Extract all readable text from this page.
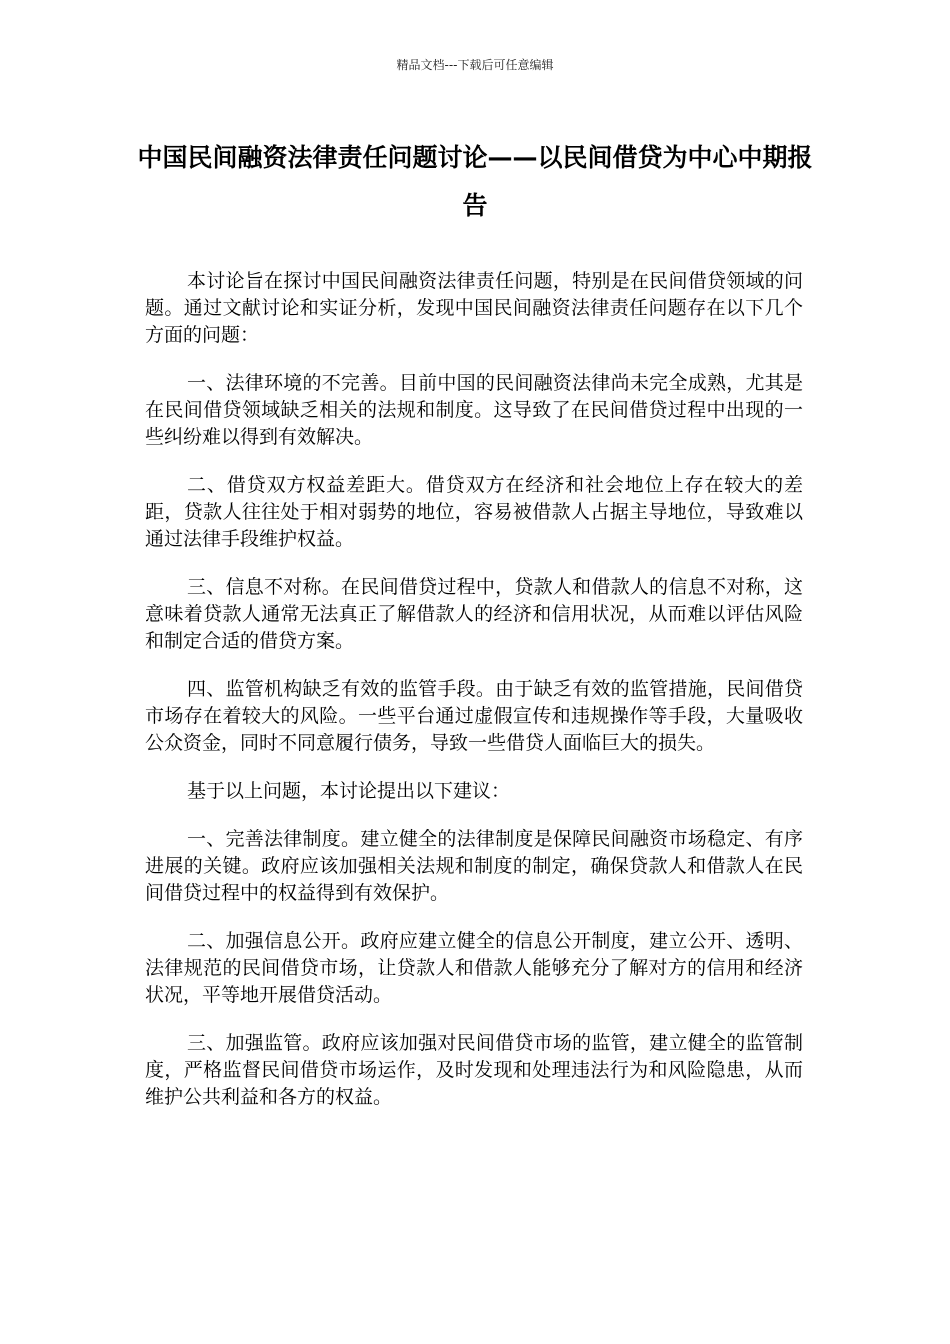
精品文档---下载后可任意编辑
中国民间融资法律责任问题讨论——以民间借贷为中心中期报告

本讨论旨在探讨中国民间融资法律责任问题，特别是在民间借贷领域的问题。通过文献讨论和实证分析，发现中国民间融资法律责任问题存在以下几个方面的问题：

一、法律环境的不完善。目前中国的民间融资法律尚未完全成熟，尤其是在民间借贷领域缺乏相关的法规和制度。这导致了在民间借贷过程中出现的一些纠纷难以得到有效解决。

二、借贷双方权益差距大。借贷双方在经济和社会地位上存在较大的差距，贷款人往往处于相对弱势的地位，容易被借款人占据主导地位，导致难以通过法律手段维护权益。

三、信息不对称。在民间借贷过程中，贷款人和借款人的信息不对称，这意味着贷款人通常无法真正了解借款人的经济和信用状况，从而难以评估风险和制定合适的借贷方案。

四、监管机构缺乏有效的监管手段。由于缺乏有效的监管措施，民间借贷市场存在着较大的风险。一些平台通过虚假宣传和违规操作等手段，大量吸收公众资金，同时不同意履行债务，导致一些借贷人面临巨大的损失。

基于以上问题，本讨论提出以下建议：

一、完善法律制度。建立健全的法律制度是保障民间融资市场稳定、有序进展的关键。政府应该加强相关法规和制度的制定，确保贷款人和借款人在民间借贷过程中的权益得到有效保护。

二、加强信息公开。政府应建立健全的信息公开制度，建立公开、透明、法律规范的民间借贷市场，让贷款人和借款人能够充分了解对方的信用和经济状况，平等地开展借贷活动。

三、加强监管。政府应该加强对民间借贷市场的监管，建立健全的监管制度，严格监督民间借贷市场运作，及时发现和处理违法行为和风险隐患，从而维护公共利益和各方的权益。
